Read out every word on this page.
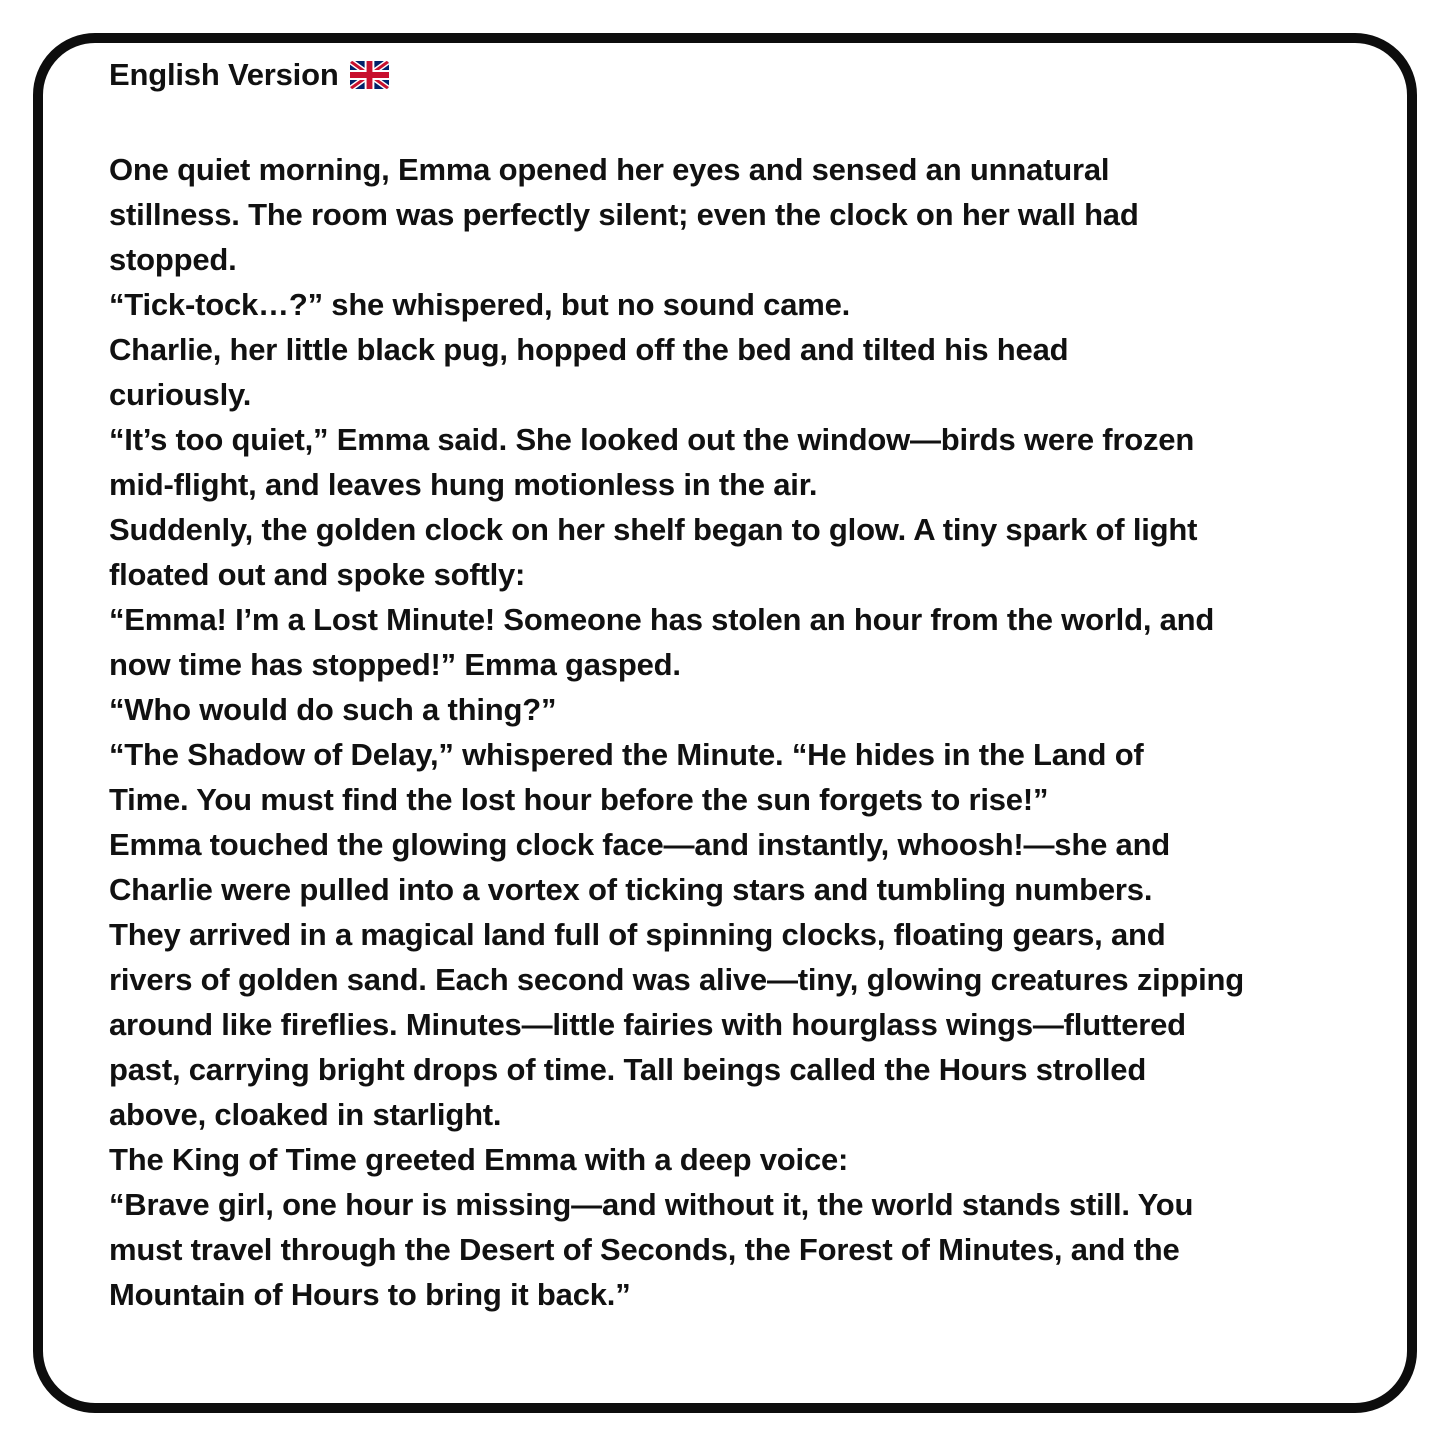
English Version
One quiet morning, Emma opened her eyes and sensed an unnatural
stillness. The room was perfectly silent; even the clock on her wall had
stopped.
“Tick-tock…?” she whispered, but no sound came.
Charlie, her little black pug, hopped off the bed and tilted his head
curiously.
“It’s too quiet,” Emma said. She looked out the window—birds were frozen
mid-flight, and leaves hung motionless in the air.
Suddenly, the golden clock on her shelf began to glow. A tiny spark of light
floated out and spoke softly:
“Emma! I’m a Lost Minute! Someone has stolen an hour from the world, and
now time has stopped!” Emma gasped.
“Who would do such a thing?”
“The Shadow of Delay,” whispered the Minute. “He hides in the Land of
Time. You must find the lost hour before the sun forgets to rise!”
Emma touched the glowing clock face—and instantly, whoosh!—she and
Charlie were pulled into a vortex of ticking stars and tumbling numbers.
They arrived in a magical land full of spinning clocks, floating gears, and
rivers of golden sand. Each second was alive—tiny, glowing creatures zipping
around like fireflies. Minutes—little fairies with hourglass wings—fluttered
past, carrying bright drops of time. Tall beings called the Hours strolled
above, cloaked in starlight.
The King of Time greeted Emma with a deep voice:
“Brave girl, one hour is missing—and without it, the world stands still. You
must travel through the Desert of Seconds, the Forest of Minutes, and the
Mountain of Hours to bring it back.”
